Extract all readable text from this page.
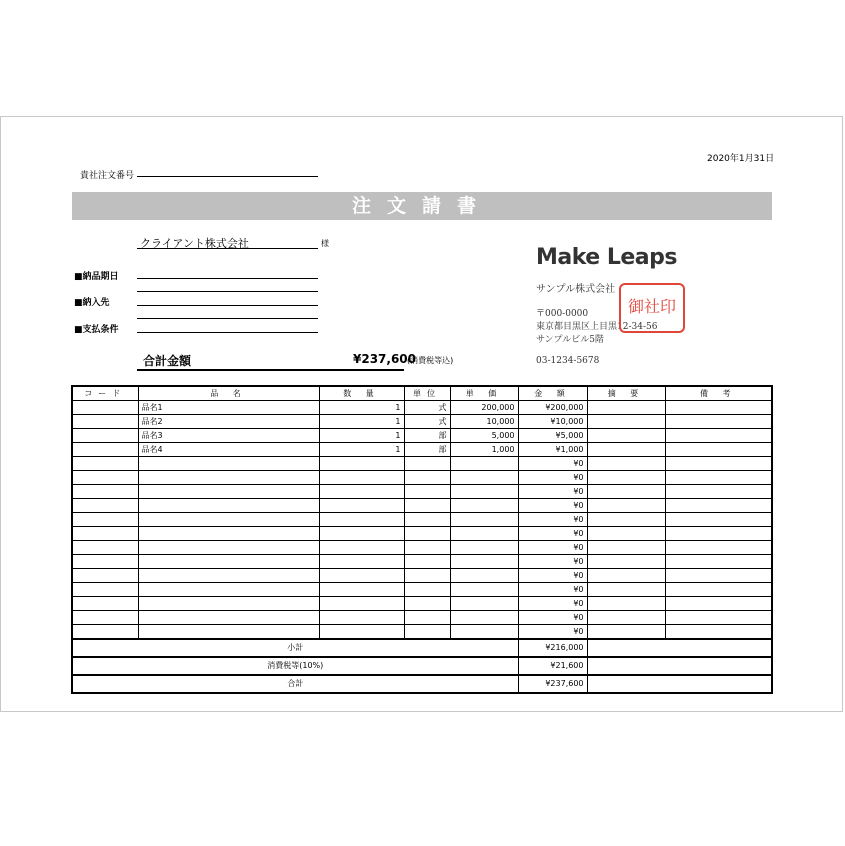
2020年1月31日
貴社注文番号
注文請書
クライアント株式会社	様
■納品期日
■納入先
■支払条件
合計金額	¥237,600
(消費税等込)
Make Leaps
サンプル株式会社
〒000-0000
東京都目黒区上目黒12-34-56
サンプルビル5階
03-1234-5678
御社印
コード	品 名	数 量	単位	単 価	金 額	摘 要	備 考
	品名1	1	式	200,000	¥200,000		
	品名2	1	式	10,000	¥10,000		
	品名3	1	部	5,000	¥5,000		
	品名4	1	部	1,000	¥1,000		
					¥0		
					¥0		
					¥0		
					¥0		
					¥0		
					¥0		
					¥0		
					¥0		
					¥0		
					¥0		
					¥0		
					¥0		
					¥0		
小計					¥216,000		
消費税等(10%)					¥21,600		
合計					¥237,600		
